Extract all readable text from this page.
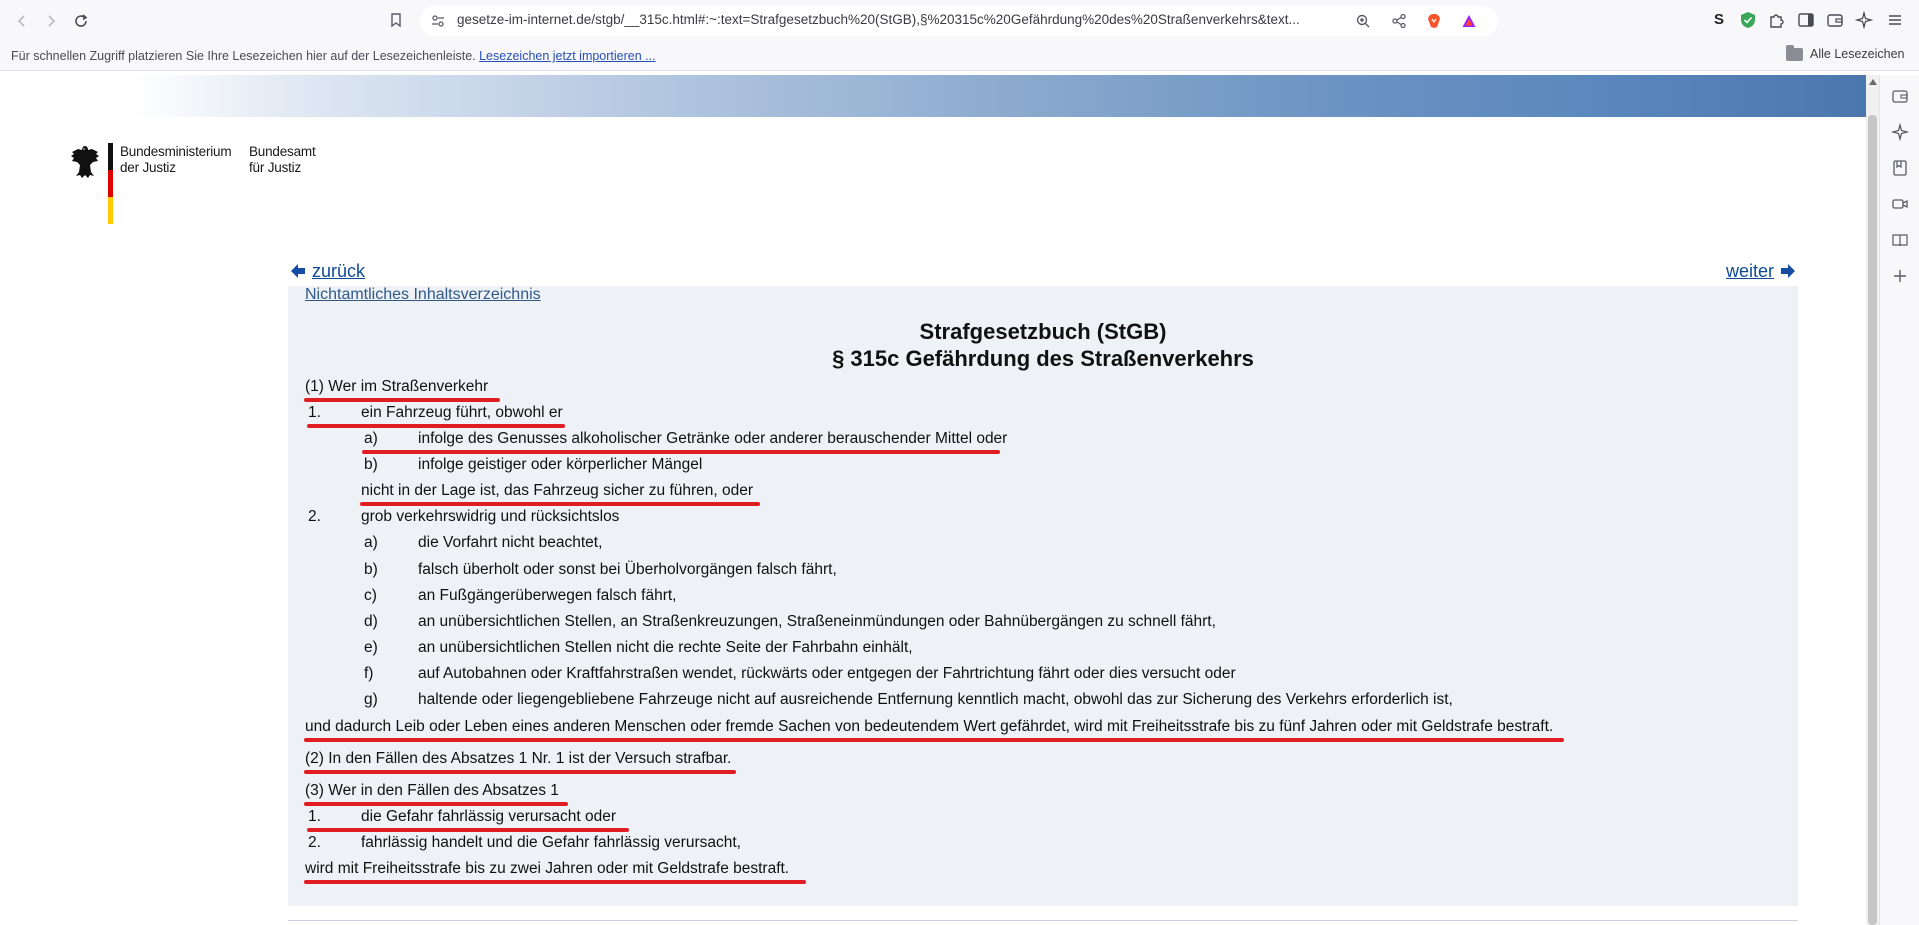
gesetze-im-internet.de/stgb/__315c.html#:~:text=Strafgesetzbuch%20(StGB),§%20315c%20Gefährdung%20des%20Straßenverkehrs&text...	S
Für schnellen Zugriff platzieren Sie Ihre Lesezeichen hier auf der Lesezeichenleiste. Lesezeichen jetzt importieren ...	Alle Lesezeichen
Bundesministerium
der Justiz
Bundesamt
für Justiz
zurück	weiter
Nichtamtliches Inhaltsverzeichnis
Strafgesetzbuch (StGB)
§ 315c Gefährdung des Straßenverkehrs
(1) Wer im Straßenverkehr
1.	ein Fahrzeug führt, obwohl er
a)	infolge des Genusses alkoholischer Getränke oder anderer berauschender Mittel oder
b)	infolge geistiger oder körperlicher Mängel
nicht in der Lage ist, das Fahrzeug sicher zu führen, oder
2.	grob verkehrswidrig und rücksichtslos
a)	die Vorfahrt nicht beachtet,
b)	falsch überholt oder sonst bei Überholvorgängen falsch fährt,
c)	an Fußgängerüberwegen falsch fährt,
d)	an unübersichtlichen Stellen, an Straßenkreuzungen, Straßeneinmündungen oder Bahnübergängen zu schnell fährt,
e)	an unübersichtlichen Stellen nicht die rechte Seite der Fahrbahn einhält,
f)	auf Autobahnen oder Kraftfahrstraßen wendet, rückwärts oder entgegen der Fahrtrichtung fährt oder dies versucht oder
g)	haltende oder liegengebliebene Fahrzeuge nicht auf ausreichende Entfernung kenntlich macht, obwohl das zur Sicherung des Verkehrs erforderlich ist,
und dadurch Leib oder Leben eines anderen Menschen oder fremde Sachen von bedeutendem Wert gefährdet, wird mit Freiheitsstrafe bis zu fünf Jahren oder mit Geldstrafe bestraft.
(2) In den Fällen des Absatzes 1 Nr. 1 ist der Versuch strafbar.
(3) Wer in den Fällen des Absatzes 1
1.	die Gefahr fahrlässig verursacht oder
2.	fahrlässig handelt und die Gefahr fahrlässig verursacht,
wird mit Freiheitsstrafe bis zu zwei Jahren oder mit Geldstrafe bestraft.
